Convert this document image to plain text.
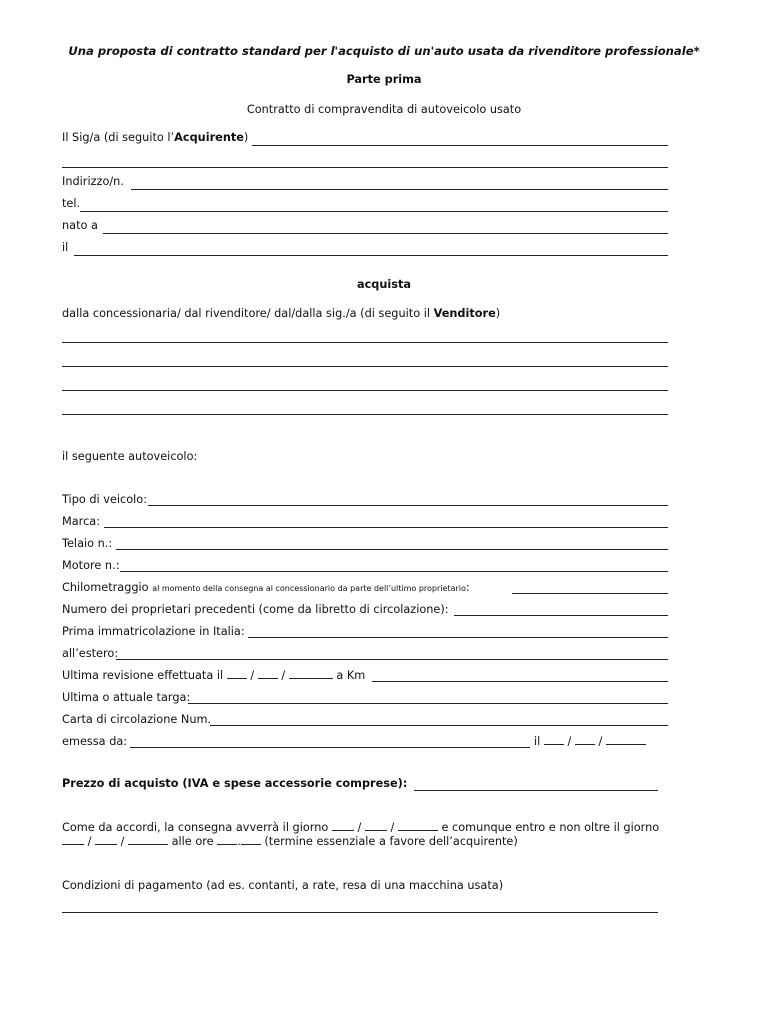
Una proposta di contratto standard per l'acquisto di un'auto usata da rivenditore professionale*
Parte prima
Contratto di compravendita di autoveicolo usato
Il Sig/a (di seguito l’Acquirente)
Indirizzo/n.
tel.
nato a
il
acquista
dalla concessionaria/ dal rivenditore/ dal/dalla sig./a (di seguito il Venditore)
il seguente autoveicolo:
Tipo di veicolo:
Marca:
Telaio n.:
Motore n.:
Chilometraggio al momento della consegna al concessionario da parte dell’ultimo proprietario:
Numero dei proprietari precedenti (come da libretto di circolazione):
Prima immatricolazione in Italia:
all’estero:
Ultima revisione effettuata il  /  /	a Km
Ultima o attuale targa:
Carta di circolazione Num.
emessa da:	il  /  /
Prezzo di acquisto (IVA e spese accessorie comprese):
Come da accordi, la consegna avverrà il giorno  /  /	e comunque entro e non oltre il giorno
/  /	alle ore . (termine essenziale a favore dell’acquirente)
Condizioni di pagamento (ad es. contanti, a rate, resa di una macchina usata)
